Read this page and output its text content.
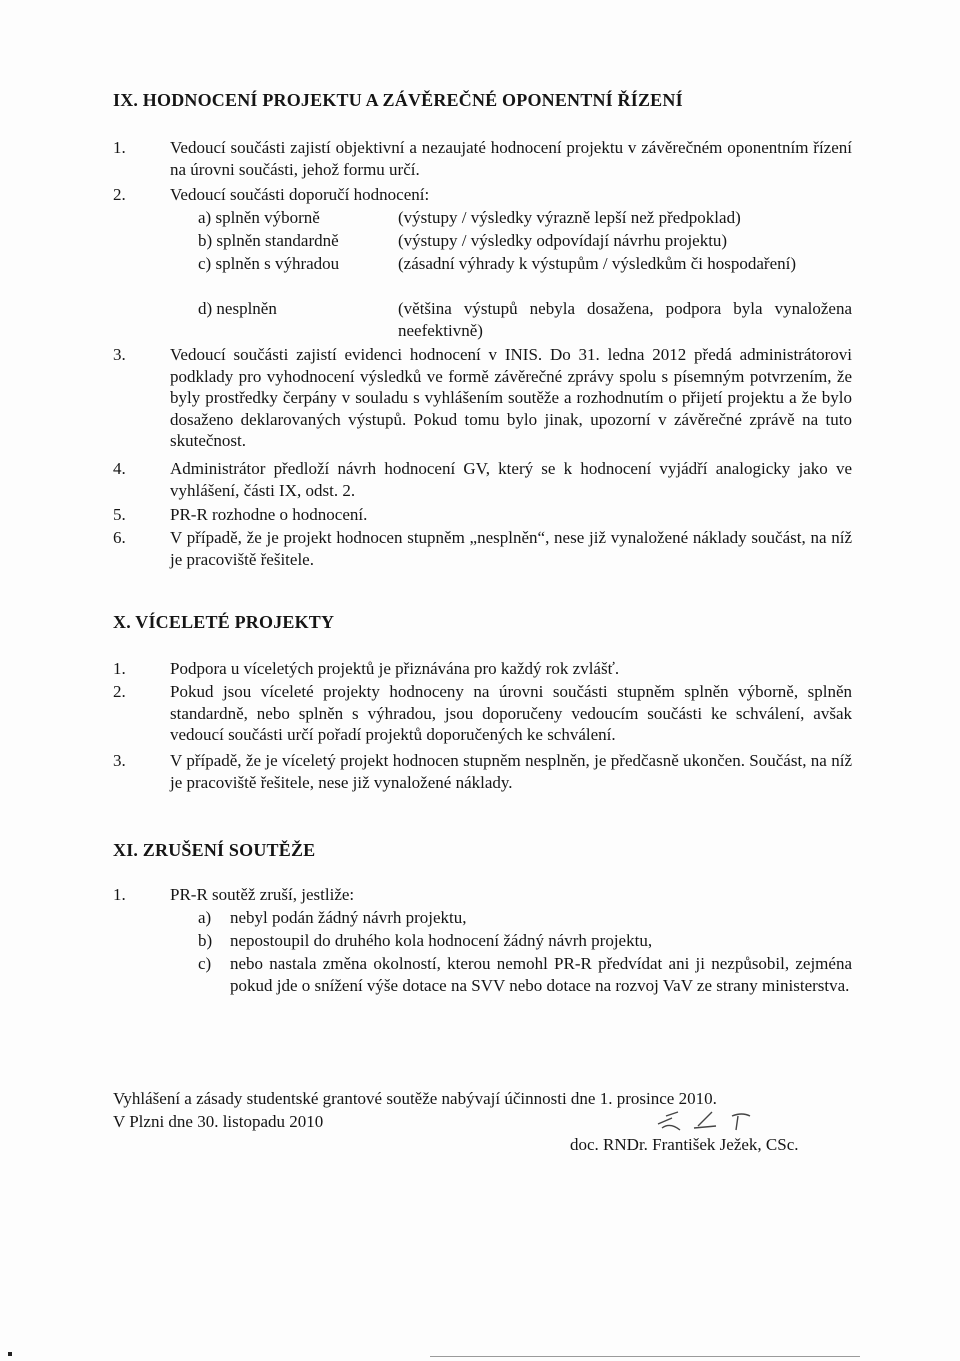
IX. HODNOCENÍ PROJEKTU A ZÁVĚREČNÉ OPONENTNÍ ŘÍZENÍ
1.	Vedoucí součásti zajistí objektivní a nezaujaté hodnocení projektu v závěrečném oponentním řízení na úrovni součásti, jehož formu určí.
2.	Vedoucí součásti doporučí hodnocení:
a) splněn výborně	(výstupy / výsledky výrazně lepší než předpoklad)
b) splněn standardně	(výstupy / výsledky odpovídají návrhu projektu)
c) splněn s výhradou	(zásadní výhrady k výstupům / výsledkům či hospodaření)
d) nesplněn	(většina výstupů nebyla dosažena, podpora byla vynaložena neefektivně)
3.	Vedoucí součásti zajistí evidenci hodnocení v INIS. Do 31. ledna 2012 předá administrátorovi podklady pro vyhodnocení výsledků ve formě závěrečné zprávy spolu s písemným potvrzením, že byly prostředky čerpány v souladu s vyhlášením soutěže a rozhodnutím o přijetí projektu a že bylo dosaženo deklarovaných výstupů. Pokud tomu bylo jinak, upozorní v závěrečné zprávě na tuto skutečnost.
4.	Administrátor předloží návrh hodnocení GV, který se k hodnocení vyjádří analogicky jako ve vyhlášení, části IX, odst. 2.
5.	PR-R rozhodne o hodnocení.
6.	V případě, že je projekt hodnocen stupněm „nesplněn“, nese již vynaložené náklady součást, na níž je pracoviště řešitele.
X. VÍCELETÉ PROJEKTY
1.	Podpora u víceletých projektů je přiznávána pro každý rok zvlášť.
2.	Pokud jsou víceleté projekty hodnoceny na úrovni součásti stupněm splněn výborně, splněn standardně, nebo splněn s výhradou, jsou doporučeny vedoucím součásti ke schválení, avšak vedoucí součásti určí pořadí projektů doporučených ke schválení.
3.	V případě, že je víceletý projekt hodnocen stupněm nesplněn, je předčasně ukončen. Součást, na níž je pracoviště řešitele, nese již vynaložené náklady.
XI. ZRUŠENÍ SOUTĚŽE
1.	PR-R soutěž zruší, jestliže:
a) nebyl podán žádný návrh projektu,
b) nepostoupil do druhého kola hodnocení žádný návrh projektu,
c) nebo nastala změna okolností, kterou nemohl PR-R předvídat ani ji nezpůsobil, zejména pokud jde o snížení výše dotace na SVV nebo dotace na rozvoj VaV ze strany ministerstva.
Vyhlášení a zásady studentské grantové soutěže nabývají účinnosti dne 1. prosince 2010.
V Plzni dne 30. listopadu 2010
doc. RNDr. František Ježek, CSc.
